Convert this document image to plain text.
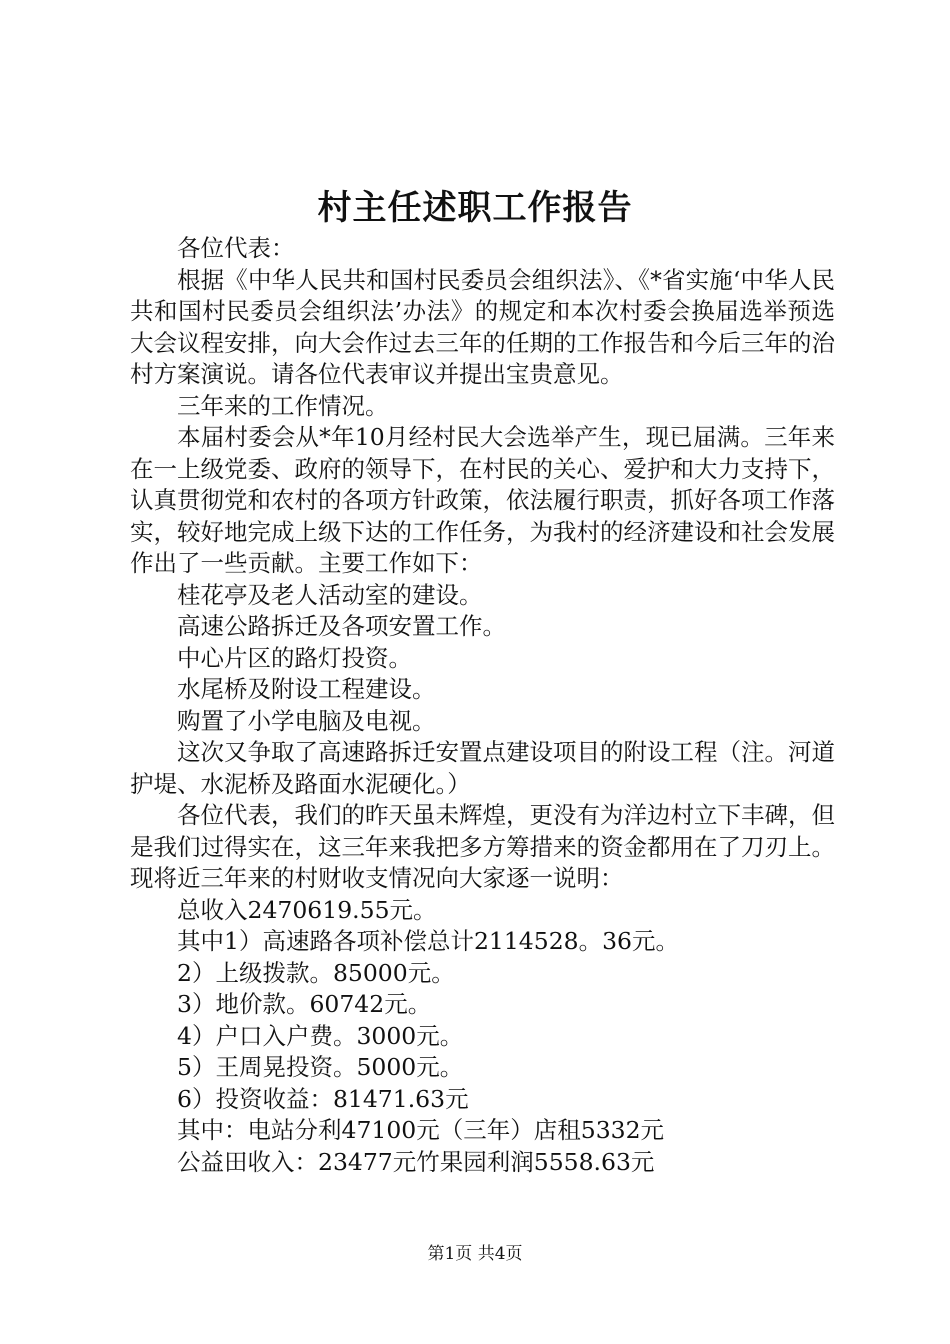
村主任述职工作报告

各位代表：

根据《中华人民共和国村民委员会组织法》、《*省实施‘中华人民共和国村民委员会组织法’办法》的规定和本次村委会换届选举预选大会议程安排，向大会作过去三年的任期的工作报告和今后三年的治村方案演说。请各位代表审议并提出宝贵意见。

三年来的工作情况。

本届村委会从*年10月经村民大会选举产生，现已届满。三年来在一上级党委、政府的领导下，在村民的关心、爱护和大力支持下，认真贯彻党和农村的各项方针政策，依法履行职责，抓好各项工作落实，较好地完成上级下达的工作任务，为我村的经济建设和社会发展作出了一些贡献。主要工作如下：

桂花亭及老人活动室的建设。

高速公路拆迁及各项安置工作。

中心片区的路灯投资。

水尾桥及附设工程建设。

购置了小学电脑及电视。

这次又争取了高速路拆迁安置点建设项目的附设工程（注。河道护堤、水泥桥及路面水泥硬化。）

各位代表，我们的昨天虽未辉煌，更没有为洋边村立下丰碑，但是我们过得实在，这三年来我把多方筹措来的资金都用在了刀刃上。现将近三年来的村财收支情况向大家逐一说明：

总收入2470619.55元。

其中1）高速路各项补偿总计2114528。36元。

2）上级拨款。85000元。

3）地价款。60742元。

4）户口入户费。3000元。

5）王周晃投资。5000元。

6）投资收益：81471.63元

其中：电站分利47100元（三年）店租5332元

公益田收入：23477元竹果园利润5558.63元

第1页 共4页
